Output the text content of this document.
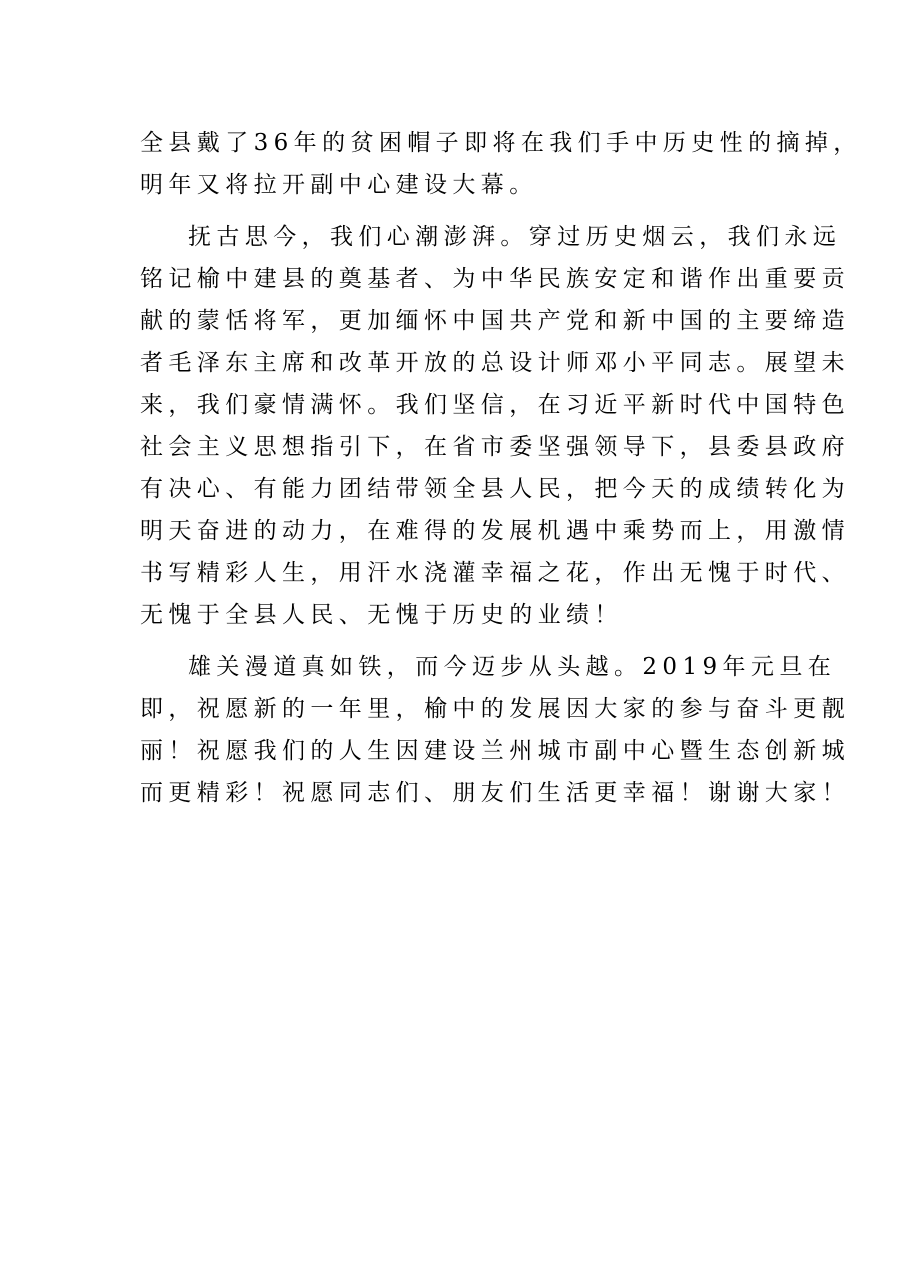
全县戴了36年的贫困帽子即将在我们手中历史性的摘掉，
明年又将拉开副中心建设大幕。

抚古思今，我们心潮澎湃。穿过历史烟云，我们永远
铭记榆中建县的奠基者、为中华民族安定和谐作出重要贡
献的蒙恬将军，更加缅怀中国共产党和新中国的主要缔造
者毛泽东主席和改革开放的总设计师邓小平同志。展望未
来，我们豪情满怀。我们坚信，在习近平新时代中国特色
社会主义思想指引下，在省市委坚强领导下，县委县政府
有决心、有能力团结带领全县人民，把今天的成绩转化为
明天奋进的动力，在难得的发展机遇中乘势而上，用激情
书写精彩人生，用汗水浇灌幸福之花，作出无愧于时代、
无愧于全县人民、无愧于历史的业绩！

雄关漫道真如铁，而今迈步从头越。2019年元旦在
即，祝愿新的一年里，榆中的发展因大家的参与奋斗更靓
丽！祝愿我们的人生因建设兰州城市副中心暨生态创新城
而更精彩！祝愿同志们、朋友们生活更幸福！谢谢大家！
